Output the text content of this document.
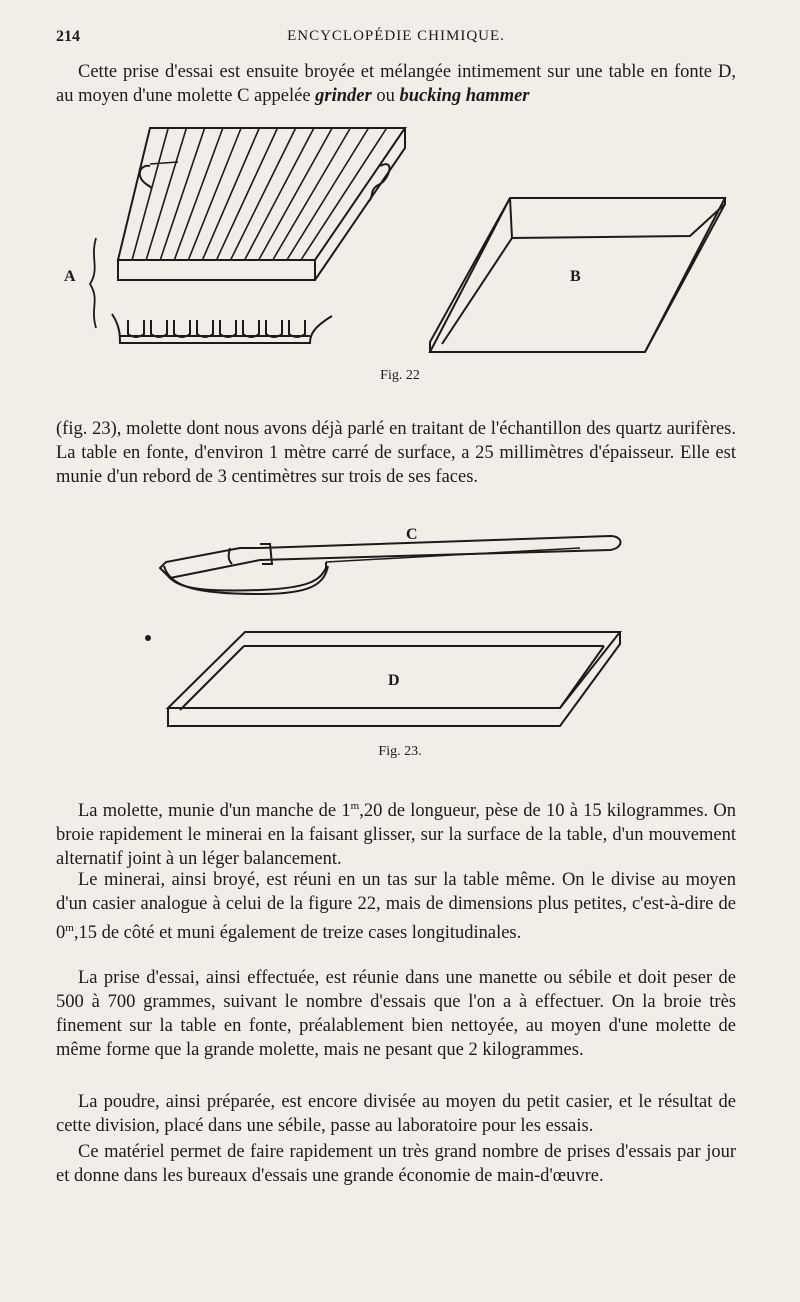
214	ENCYCLOPÉDIE CHIMIQUE.

Cette prise d'essai est ensuite broyée et mélangée intimement sur une table en fonte D, au moyen d'une molette C appelée grinder ou bucking hammer

A	B
Fig. 22

(fig. 23), molette dont nous avons déjà parlé en traitant de l'échantillon des quartz aurifères. La table en fonte, d'environ 1 mètre carré de surface, a 25 millimètres d'épaisseur. Elle est munie d'un rebord de 3 centimètres sur trois de ses faces.

C
D
Fig. 23.

La molette, munie d'un manche de 1$^m$,20 de longueur, pèse de 10 à 15 kilogrammes. On broie rapidement le minerai en la faisant glisser, sur la surface de la table, d'un mouvement alternatif joint à un léger balancement.

Le minerai, ainsi broyé, est réuni en un tas sur la table même. On le divise au moyen d'un casier analogue à celui de la figure 22, mais de dimensions plus petites, c'est-à-dire de 0$^m$,15 de côté et muni également de treize cases longitudinales.

La prise d'essai, ainsi effectuée, est réunie dans une manette ou sébile et doit peser de 500 à 700 grammes, suivant le nombre d'essais que l'on a à effectuer. On la broie très finement sur la table en fonte, préalablement bien nettoyée, au moyen d'une molette de même forme que la grande molette, mais ne pesant que 2 kilogrammes.

La poudre, ainsi préparée, est encore divisée au moyen du petit casier, et le résultat de cette division, placé dans une sébile, passe au laboratoire pour les essais.

Ce matériel permet de faire rapidement un très grand nombre de prises d'essais par jour et donne dans les bureaux d'essais une grande économie de main-d'œuvre.
